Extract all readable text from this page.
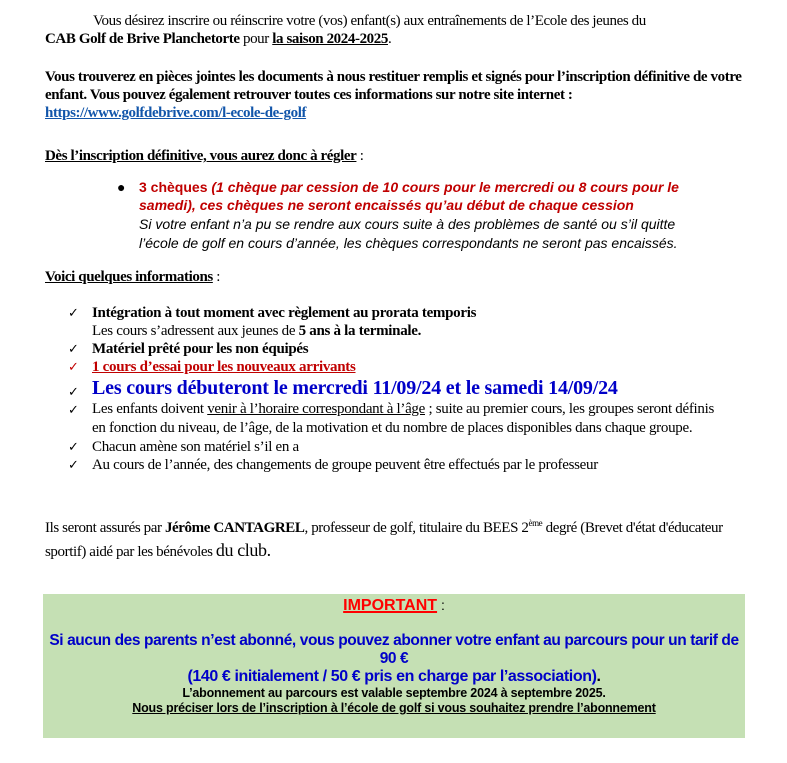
Vous désirez inscrire ou réinscrire votre (vos) enfant(s) aux entraînements de l’Ecole des jeunes du
CAB Golf de Brive Planchetorte pour la saison 2024-2025.
Vous trouverez en pièces jointes les documents à nous restituer remplis et signés pour l’inscription définitive de votre enfant. Vous pouvez également retrouver toutes ces informations sur notre site internet : https://www.golfdebrive.com/l-ecole-de-golf
Dès l’inscription définitive, vous aurez donc à régler :
● 3 chèques (1 chèque par cession de 10 cours pour le mercredi ou 8 cours pour le samedi), ces chèques ne seront encaissés qu’au début de chaque cession
Si votre enfant n’a pu se rendre aux cours suite à des problèmes de santé ou s’il quitte l’école de golf en cours d’année, les chèques correspondants ne seront pas encaissés.
Voici quelques informations :
✓ Intégration à tout moment avec règlement au prorata temporis
Les cours s’adressent aux jeunes de 5 ans à la terminale.
✓ Matériel prêté pour les non équipés
✓ 1 cours d’essai pour les nouveaux arrivants
✓ Les cours débuteront le mercredi 11/09/24 et le samedi 14/09/24
✓ Les enfants doivent venir à l’horaire correspondant à l’âge ; suite au premier cours, les groupes seront définis en fonction du niveau, de l’âge, de la motivation et du nombre de places disponibles dans chaque groupe.
✓ Chacun amène son matériel s’il en a
✓ Au cours de l’année, des changements de groupe peuvent être effectués par le professeur
Ils seront assurés par Jérôme CANTAGREL, professeur de golf, titulaire du BEES 2ème degré (Brevet d'état d'éducateur sportif) aidé par les bénévoles du club.
IMPORTANT :
Si aucun des parents n’est abonné, vous pouvez abonner votre enfant au parcours pour un tarif de 90 €
(140 € initialement / 50 € pris en charge par l’association).
L’abonnement au parcours est valable septembre 2024 à septembre 2025.
Nous préciser lors de l’inscription à l’école de golf si vous souhaitez prendre l’abonnement
